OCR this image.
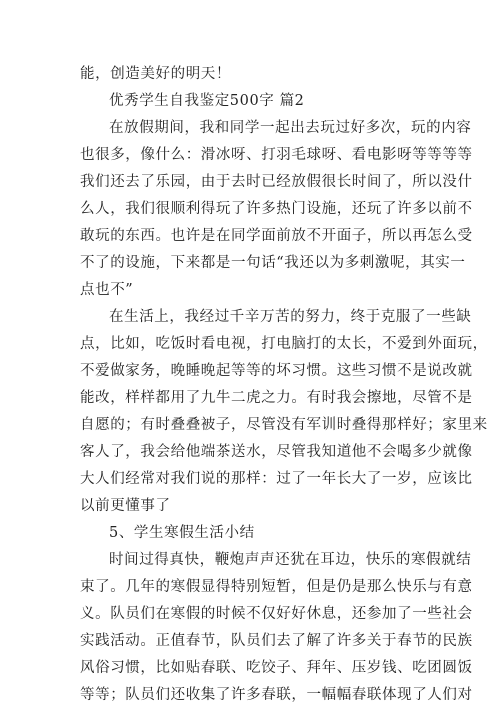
能，创造美好的明天！
优秀学生自我鉴定500字 篇2
在放假期间，我和同学一起出去玩过好多次，玩的内容
也很多，像什么：滑冰呀、打羽毛球呀、看电影呀等等等等
我们还去了乐园，由于去时已经放假很长时间了，所以没什
么人，我们很顺利得玩了许多热门设施，还玩了许多以前不
敢玩的东西。也许是在同学面前放不开面子，所以再怎么受
不了的设施，下来都是一句话“我还以为多刺激呢，其实一
点也不”
在生活上，我经过千辛万苦的努力，终于克服了一些缺
点，比如，吃饭时看电视，打电脑打的太长，不爱到外面玩，
不爱做家务，晚睡晚起等等的坏习惯。这些习惯不是说改就
能改，样样都用了九牛二虎之力。有时我会擦地，尽管不是
自愿的；有时叠叠被子，尽管没有军训时叠得那样好；家里来
客人了，我会给他端茶送水，尽管我知道他不会喝多少就像
大人们经常对我们说的那样：过了一年长大了一岁，应该比
以前更懂事了
5、学生寒假生活小结
时间过得真快，鞭炮声声还犹在耳边，快乐的寒假就结
束了。几年的寒假显得特别短暂，但是仍是那么快乐与有意
义。队员们在寒假的时候不仅好好休息，还参加了一些社会
实践活动。正值春节，队员们去了解了许多关于春节的民族
风俗习惯，比如贴春联、吃饺子、拜年、压岁钱、吃团圆饭
等等；队员们还收集了许多春联，一幅幅春联体现了人们对
